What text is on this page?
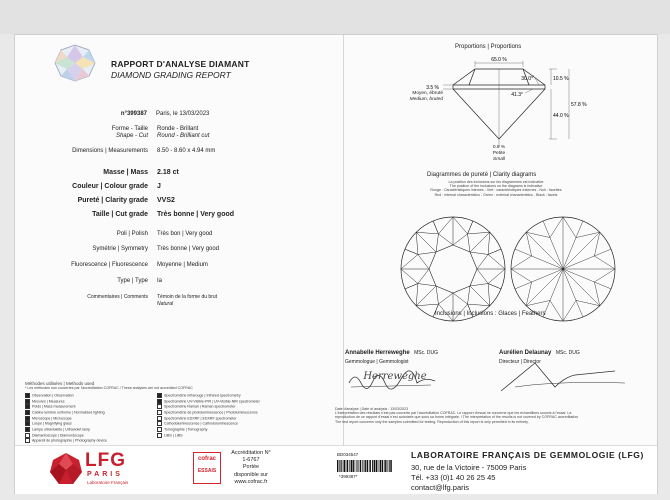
RAPPORT D'ANALYSE DIAMANT
DIAMOND GRADING REPORT
n°399387 Paris, le 13/03/2023
Forme - Taille Ronde - Brillant
Shape - Cut Round - Brilliant cut
Dimensions | Measurements 8.50 - 8.60 x 4.94 mm
Masse | Mass 2.18 ct
Couleur | Colour grade J
Pureté | Clarity grade VVS2
Taille | Cut grade Très bonne | Very good
Poli | Polish Très bon | Very good
Symétrie | Symmetry Très bonne | Very good
Fluorescence | Fluorescence Moyenne | Medium
Type | Type Ia
Commentaires | Comments Témoin de la forme du brut
Natural
Méthodes utilisées | Methods used
* Les méthodes non couvertes par l'accréditation COFRAC / These analyses are not accredited COFRAC
Observation | Observation
Mesures | Measures
Poids | Mass measurement
Cabine lumière uniforme | Normalized lighting
Microscope | Microscope
Loupe | Magnifying glass
Lampe ultraviolette | Ultraviolet lamp
Diamantoscope | Diamondscope
Appareil de photographie | Photography device
Spectrométrie infrarouge | Infrared spectrometry
Spectrométrie UV-Visible-PIR | UV-Visible-NIR spectrometer
Spectrométrie Raman | Raman spectrometer
Spectrométrie de photoluminescence | Photoluminescence
Spectrométrie EDXRF | EDXRF spectrometer
Cathodoluminescence | Cathodoluminescence
Tomographie | Tomography
LIBS | LIBS
Proportions | Proportions
65.0 %
30.0°
41.3°
10.5 %
44.0 %
57.8 %
3.5 %
Moyen, ébruté
Medium, bruted
0.8 %
Petite
Small
Diagrammes de pureté | Clarity diagrams
La position des inclusions sur les diagrammes est indicative
The position of the inclusions on the diagrams is indicative
Rouge : Caractéristiques internes - Vert : caractéristiques externes - Noir : facettes
Red : internal characteristics - Green : external characteristics - Black : facets
Inclusions | Inclusions : Glaces | Feathers
Annabelle Herreweghe MSc. DUG
Gemmologue | Gemmologist
Herreweghe
Aurélien Delaunay MSc. DUG
Directeur | Director
Date d'analyse | Date of analysis : 13/03/2023
L'interprétation des résultats n'est pas couverte par l'accréditation COFRAC. Le rapport d'essai ne concerne que les échantillons soumis à l'essai. La
reproduction de ce rapport d'essai n'est autorisée que sous sa forme intégrale. / The interpretation of the results is not covered by COFRAC accreditation
The test report concerns only the samples submitted for testing. Reproduction of this report is only permitted in its entirety.
LFG
PARIS
Laboratoire Français
cofrac
ESSAIS
Accréditation N°
1-6767
Portée
disponible sur
www.cofrac.fr
BD034547
*399387*
LABORATOIRE FRANÇAIS DE GEMMOLOGIE (LFG)
30, rue de la Victoire - 75009 Paris
Tél. +33 (0)1 40 26 25 45
contact@lfg.paris
